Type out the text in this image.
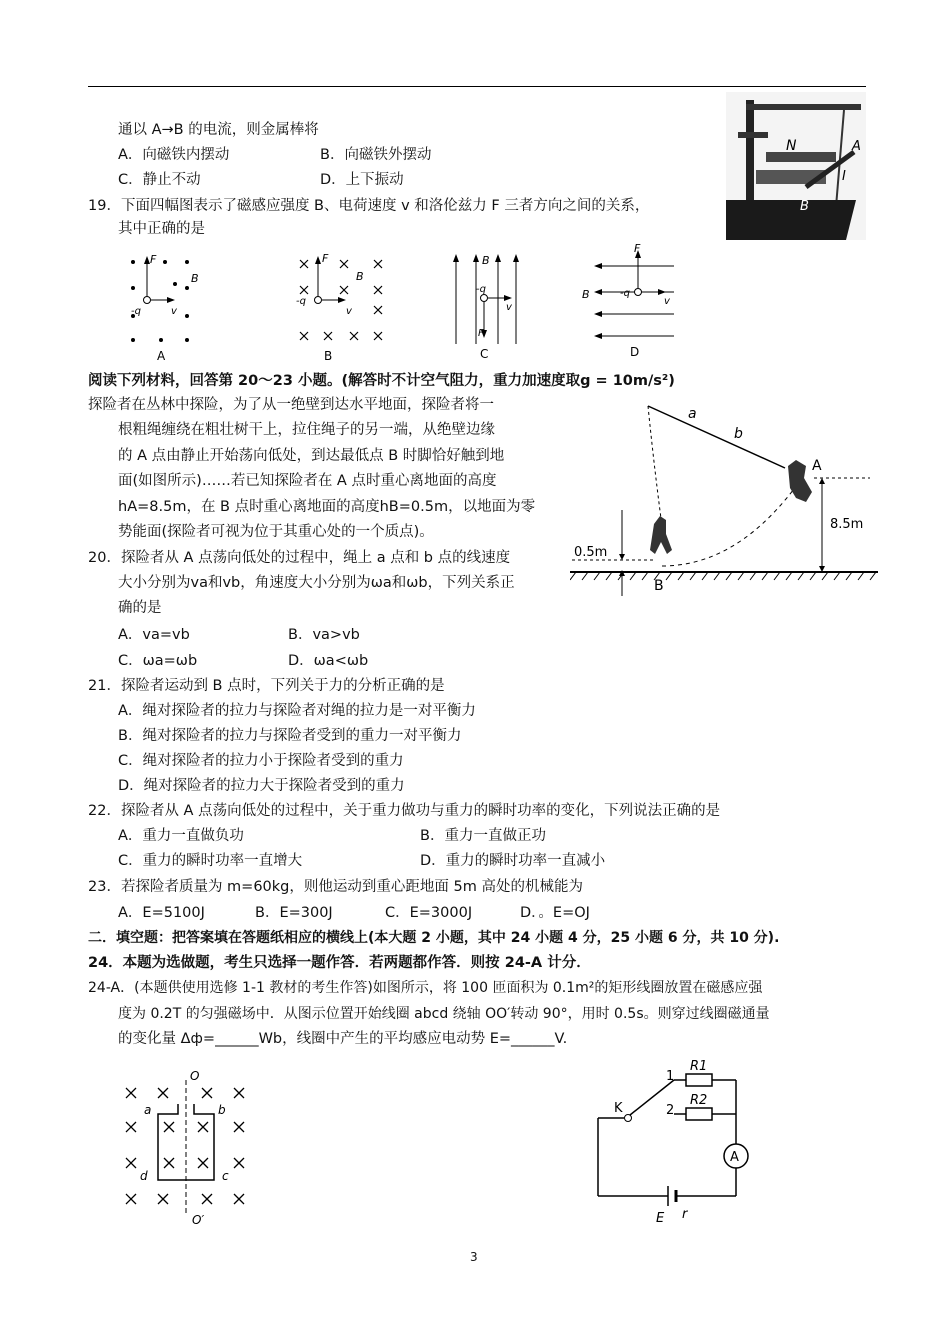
通以 A→B 的电流，则金属棒将
A．向磁铁内摆动	B．向磁铁外摆动
C．静止不动	D．上下振动
N	A
I
B
19．下面四幅图表示了磁感应强度 B、电荷速度 v 和洛伦兹力 F 三者方向之间的关系，
其中正确的是
F
B
-q	v
A
F
B
-q
v
B
B
-q
v
F
C
F
B	-q
v
D
阅读下列材料，回答第 20～23 小题。(解答时不计空气阻力，重力加速度取g = 10m/s²)
探险者在丛林中探险，为了从一绝壁到达水平地面，探险者将一
根粗绳缠绕在粗壮树干上，拉住绳子的另一端，从绝壁边缘
的 A 点由静止开始荡向低处，到达最低点 B 时脚恰好触到地
面(如图所示)……若已知探险者在 A 点时重心离地面的高度
hA=8.5m，在 B 点时重心离地面的高度hB=0.5m，以地面为零
势能面(探险者可视为位于其重心处的一个质点)。
a
b
A
B
8.5m
0.5m
20．探险者从 A 点荡向低处的过程中，绳上 a 点和 b 点的线速度
大小分别为va和vb，角速度大小分别为ωa和ωb，下列关系正
确的是
A．va=vb	B．va>vb
C．ωa=ωb	D．ωa<ωb
21．探险者运动到 B 点时，下列关于力的分析正确的是
A．绳对探险者的拉力与探险者对绳的拉力是一对平衡力
B．绳对探险者的拉力与探险者受到的重力一对平衡力
C．绳对探险者的拉力小于探险者受到的重力
D．绳对探险者的拉力大于探险者受到的重力
22．探险者从 A 点荡向低处的过程中，关于重力做功与重力的瞬时功率的变化，下列说法正确的是
A．重力一直做负功	B．重力一直做正功
C．重力的瞬时功率一直增大	D．重力的瞬时功率一直减小
23．若探险者质量为 m=60kg，则他运动到重心距地面 5m 高处的机械能为
A．E=5100J	B．E=300J	C．E=3000J	D．。E=OJ
二．填空题：把答案填在答题纸相应的横线上(本大题 2 小题，其中 24 小题 4 分，25 小题 6 分，共 10 分).
24．本题为选做题，考生只选择一题作答．若两题都作答．则按 24-A 计分．
24-A．(本题供使用选修 1-1 教材的考生作答)如图所示，将 100 匝面积为 0.1m²的矩形线圈放置在磁感应强
度为 0.2T 的匀强磁场中．从图示位置开始线圈 abcd 绕轴 OO′转动 90°，用时 0.5s。则穿过线圈磁通量
的变化量 Δф=______Wb，线圈中产生的平均感应电动势 E=______V.
O
O′
a	b
c
d
K
1
2
R1
R2
A
E r
3
